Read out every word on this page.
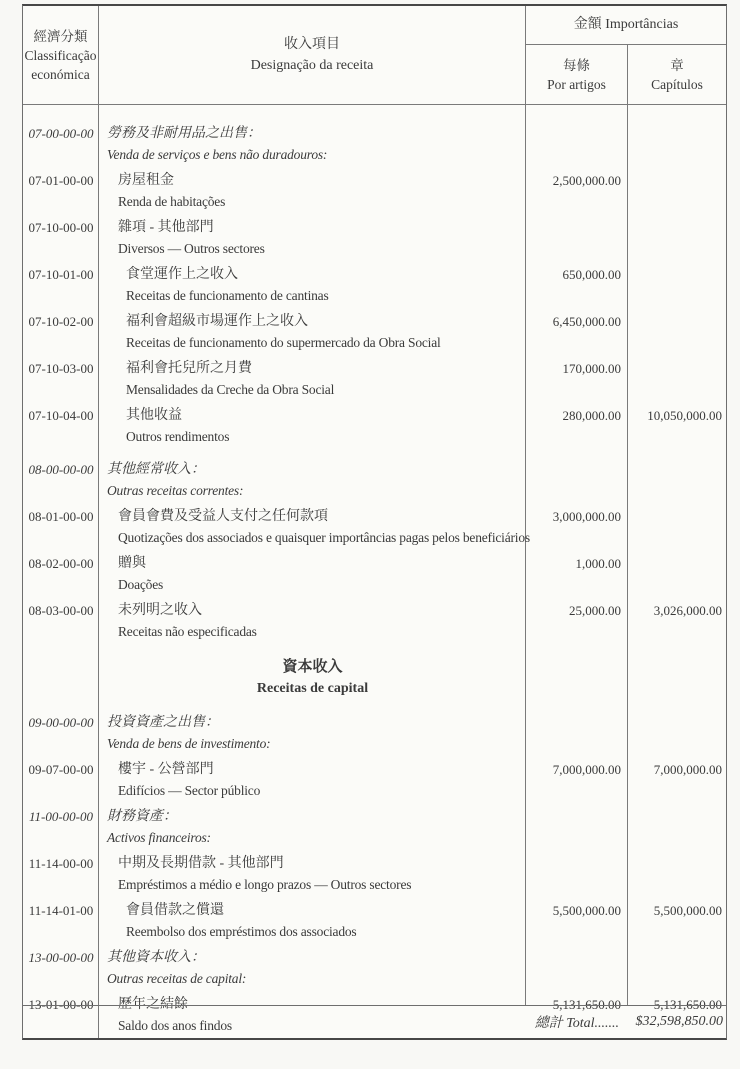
經濟分類
Classificação
económica
收入項目
Designação da receita
金額 Importâncias
每條
Por artigos
章
Capítulos
07-00-00-00 勞務及非耐用品之出售：
Venda de serviços e bens não duradouros:
07-01-00-00	房屋租金
Renda de habitações
2,500,000.00
07-10-00-00	雜項 - 其他部門
Diversos — Outros sectores
07-10-01-00	食堂運作上之收入
Receitas de funcionamento de cantinas
650,000.00
07-10-02-00	福利會超級市場運作上之收入
Receitas de funcionamento do supermercado da Obra Social
6,450,000.00
07-10-03-00	福利會托兒所之月費
Mensalidades da Creche da Obra Social
170,000.00
07-10-04-00	其他收益
Outros rendimentos
280,000.00	10,050,000.00
08-00-00-00 其他經常收入：
Outras receitas correntes:
08-01-00-00	會員會費及受益人支付之任何款項
Quotizações dos associados e quaisquer importâncias pagas pelos beneficiários
3,000,000.00
08-02-00-00	贈與
Doações
1,000.00
08-03-00-00	未列明之收入
Receitas não especificadas
25,000.00	3,026,000.00
資本收入
Receitas de capital
09-00-00-00 投資資產之出售：
Venda de bens de investimento:
09-07-00-00	樓宇 - 公營部門
Edifícios — Sector público
7,000,000.00	7,000,000.00
11-00-00-00 財務資產：
Activos financeiros:
11-14-00-00	中期及長期借款 - 其他部門
Empréstimos a médio e longo prazos — Outros sectores
11-14-01-00	會員借款之償還
Reembolso dos empréstimos dos associados
5,500,000.00	5,500,000.00
13-00-00-00 其他資本收入：
Outras receitas de capital:
13-01-00-00	歷年之結餘
Saldo dos anos findos
5,131,650.00	5,131,650.00
總計 Total.......	$32,598,850.00
